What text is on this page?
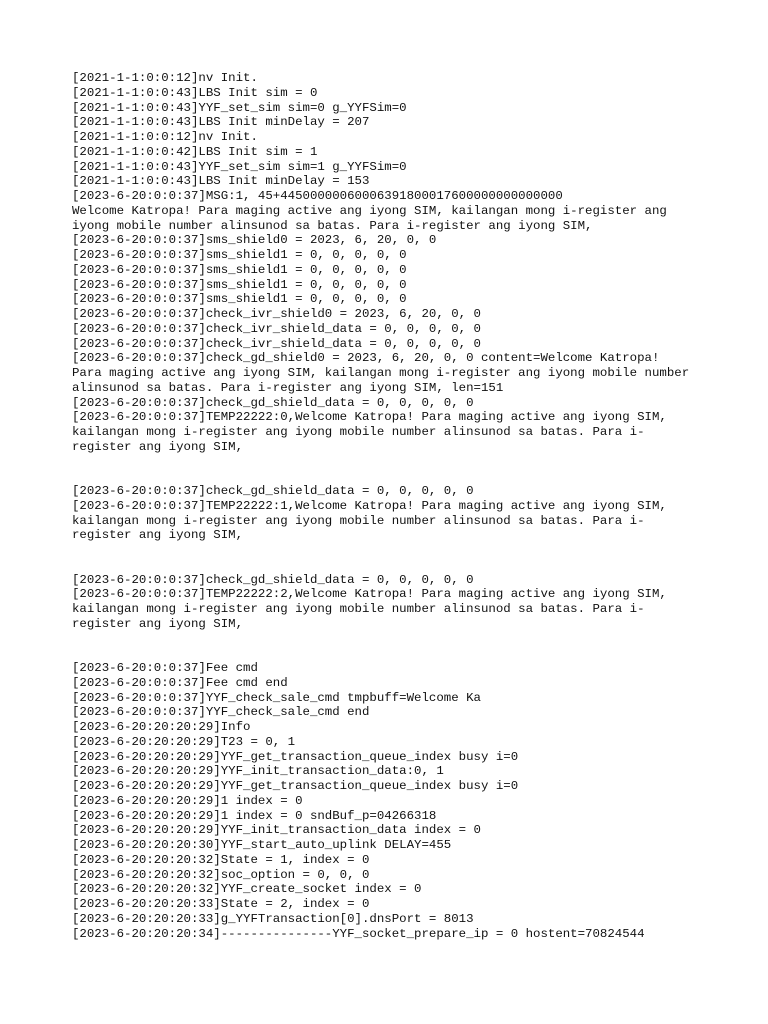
[2021-1-1:0:0:12]nv Init.
[2021-1-1:0:0:43]LBS Init sim = 0
[2021-1-1:0:0:43]YYF_set_sim sim=0 g_YYFSim=0
[2021-1-1:0:0:43]LBS Init minDelay = 207
[2021-1-1:0:0:12]nv Init.
[2021-1-1:0:0:42]LBS Init sim = 1
[2021-1-1:0:0:43]YYF_set_sim sim=1 g_YYFSim=0
[2021-1-1:0:0:43]LBS Init minDelay = 153
[2023-6-20:0:0:37]MSG:1, 45+44500000060006391800017600000000000000
Welcome Katropa! Para maging active ang iyong SIM, kailangan mong i-register ang
iyong mobile number alinsunod sa batas. Para i-register ang iyong SIM,
[2023-6-20:0:0:37]sms_shield0 = 2023, 6, 20, 0, 0
[2023-6-20:0:0:37]sms_shield1 = 0, 0, 0, 0, 0
[2023-6-20:0:0:37]sms_shield1 = 0, 0, 0, 0, 0
[2023-6-20:0:0:37]sms_shield1 = 0, 0, 0, 0, 0
[2023-6-20:0:0:37]sms_shield1 = 0, 0, 0, 0, 0
[2023-6-20:0:0:37]check_ivr_shield0 = 2023, 6, 20, 0, 0
[2023-6-20:0:0:37]check_ivr_shield_data = 0, 0, 0, 0, 0
[2023-6-20:0:0:37]check_ivr_shield_data = 0, 0, 0, 0, 0
[2023-6-20:0:0:37]check_gd_shield0 = 2023, 6, 20, 0, 0 content=Welcome Katropa!
Para maging active ang iyong SIM, kailangan mong i-register ang iyong mobile number
alinsunod sa batas. Para i-register ang iyong SIM, len=151
[2023-6-20:0:0:37]check_gd_shield_data = 0, 0, 0, 0, 0
[2023-6-20:0:0:37]TEMP22222:0,Welcome Katropa! Para maging active ang iyong SIM,
kailangan mong i-register ang iyong mobile number alinsunod sa batas. Para i-
register ang iyong SIM,
[2023-6-20:0:0:37]check_gd_shield_data = 0, 0, 0, 0, 0
[2023-6-20:0:0:37]TEMP22222:1,Welcome Katropa! Para maging active ang iyong SIM,
kailangan mong i-register ang iyong mobile number alinsunod sa batas. Para i-
register ang iyong SIM,
[2023-6-20:0:0:37]check_gd_shield_data = 0, 0, 0, 0, 0
[2023-6-20:0:0:37]TEMP22222:2,Welcome Katropa! Para maging active ang iyong SIM,
kailangan mong i-register ang iyong mobile number alinsunod sa batas. Para i-
register ang iyong SIM,
[2023-6-20:0:0:37]Fee cmd
[2023-6-20:0:0:37]Fee cmd end
[2023-6-20:0:0:37]YYF_check_sale_cmd tmpbuff=Welcome Ka
[2023-6-20:0:0:37]YYF_check_sale_cmd end
[2023-6-20:20:20:29]Info
[2023-6-20:20:20:29]T23 = 0, 1
[2023-6-20:20:20:29]YYF_get_transaction_queue_index busy i=0
[2023-6-20:20:20:29]YYF_init_transaction_data:0, 1
[2023-6-20:20:20:29]YYF_get_transaction_queue_index busy i=0
[2023-6-20:20:20:29]1 index = 0
[2023-6-20:20:20:29]1 index = 0 sndBuf_p=04266318
[2023-6-20:20:20:29]YYF_init_transaction_data index = 0
[2023-6-20:20:20:30]YYF_start_auto_uplink DELAY=455
[2023-6-20:20:20:32]State = 1, index = 0
[2023-6-20:20:20:32]soc_option = 0, 0, 0
[2023-6-20:20:20:32]YYF_create_socket index = 0
[2023-6-20:20:20:33]State = 2, index = 0
[2023-6-20:20:20:33]g_YYFTransaction[0].dnsPort = 8013
[2023-6-20:20:20:34]---------------YYF_socket_prepare_ip = 0 hostent=70824544
